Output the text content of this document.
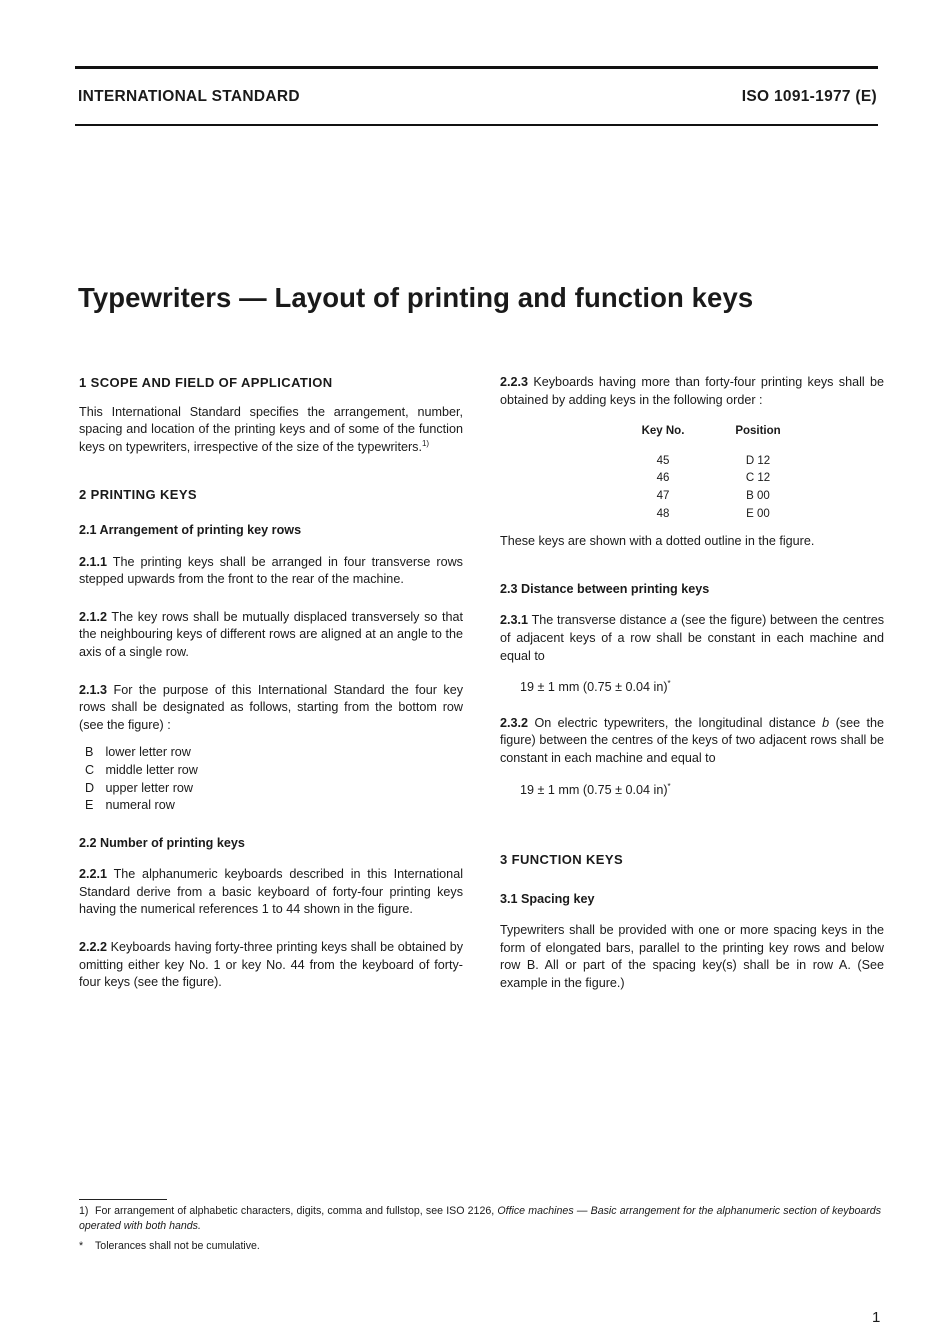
INTERNATIONAL STANDARD	ISO 1091-1977 (E)
Typewriters — Layout of printing and function keys
1 SCOPE AND FIELD OF APPLICATION

This International Standard specifies the arrangement, number, spacing and location of the printing keys and of some of the function keys on typewriters, irrespective of the size of the typewriters.$^{1)}$

2 PRINTING KEYS
2.1 Arrangement of printing key rows

2.1.1 The printing keys shall be arranged in four transverse rows stepped upwards from the front to the rear of the machine.

2.1.2 The key rows shall be mutually displaced transversely so that the neighbouring keys of different rows are aligned at an angle to the axis of a single row.

2.1.3 For the purpose of this International Standard the four key rows shall be designated as follows, starting from the bottom row (see the figure) :

B lower letter row
C middle letter row
D upper letter row
E numeral row
2.2 Number of printing keys

2.2.1 The alphanumeric keyboards described in this International Standard derive from a basic keyboard of forty-four printing keys having the numerical references 1 to 44 shown in the figure.

2.2.2 Keyboards having forty-three printing keys shall be obtained by omitting either key No. 1 or key No. 44 from the keyboard of forty-four keys (see the figure).

2.2.3 Keyboards having more than forty-four printing keys shall be obtained by adding keys in the following order :

Key No.	Position
45	D 12
46	C 12
47	B 00
48	E 00

These keys are shown with a dotted outline in the figure.

2.3 Distance between printing keys

2.3.1 The transverse distance a (see the figure) between the centres of adjacent keys of a row shall be constant in each machine and equal to

19 ± 1 mm (0.75 ± 0.04 in)*

2.3.2 On electric typewriters, the longitudinal distance b (see the figure) between the centres of the keys of two adjacent rows shall be constant in each machine and equal to

19 ± 1 mm (0.75 ± 0.04 in)*
3 FUNCTION KEYS
3.1 Spacing key

Typewriters shall be provided with one or more spacing keys in the form of elongated bars, parallel to the printing key rows and below row B. All or part of the spacing key(s) shall be in row A. (See example in the figure.)

1) For arrangement of alphabetic characters, digits, comma and fullstop, see ISO 2126, Office machines — Basic arrangement for the alphanumeric section of keyboards operated with both hands.
* Tolerances shall not be cumulative.
1
